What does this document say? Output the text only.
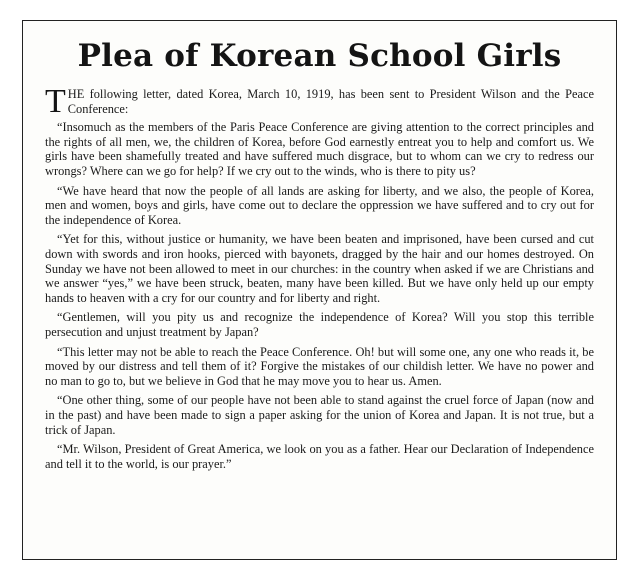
Plea of Korean School Girls

THE following letter, dated Korea, March 10, 1919, has been sent to President Wilson and the Peace Conference:

“Insomuch as the members of the Paris Peace Conference are giving attention to the correct principles and the rights of all men, we, the children of Korea, before God earnestly entreat you to help and comfort us. We girls have been shamefully treated and have suffered much disgrace, but to whom can we cry to redress our wrongs? Where can we go for help? If we cry out to the winds, who is there to pity us?

“We have heard that now the people of all lands are asking for liberty, and we also, the people of Korea, men and women, boys and girls, have come out to declare the oppression we have suffered and to cry out for the independence of Korea.

“Yet for this, without justice or humanity, we have been beaten and imprisoned, have been cursed and cut down with swords and iron hooks, pierced with bayonets, dragged by the hair and our homes destroyed. On Sunday we have not been allowed to meet in our churches: in the country when asked if we are Christians and we answer “yes,” we have been struck, beaten, many have been killed. But we have only held up our empty hands to heaven with a cry for our country and for liberty and right.

“Gentlemen, will you pity us and recognize the independence of Korea? Will you stop this terrible persecution and unjust treatment by Japan?

“This letter may not be able to reach the Peace Conference. Oh! but will some one, any one who reads it, be moved by our distress and tell them of it? Forgive the mistakes of our childish letter. We have no power and no man to go to, but we believe in God that he may move you to hear us. Amen.

“One other thing, some of our people have not been able to stand against the cruel force of Japan (now and in the past) and have been made to sign a paper asking for the union of Korea and Japan. It is not true, but a trick of Japan.

“Mr. Wilson, President of Great America, we look on you as a father. Hear our Declaration of Independence and tell it to the world, is our prayer.”
